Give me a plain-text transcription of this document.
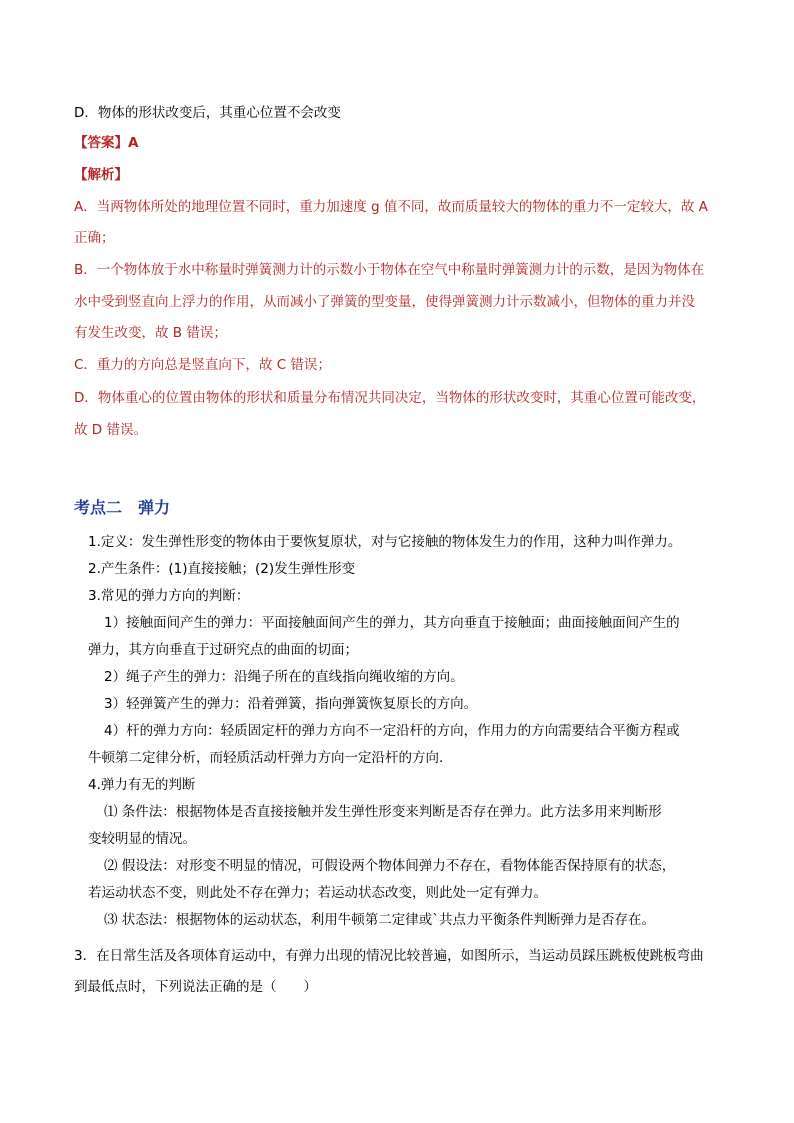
D．物体的形状改变后，其重心位置不会改变
【答案】A
【解析】
A．当两物体所处的地理位置不同时，重力加速度 g 值不同，故而质量较大的物体的重力不一定较大，故 A
正确；
B．一个物体放于水中称量时弹簧测力计的示数小于物体在空气中称量时弹簧测力计的示数，是因为物体在
水中受到竖直向上浮力的作用，从而减小了弹簧的型变量，使得弹簧测力计示数减小，但物体的重力并没
有发生改变，故 B 错误；
C．重力的方向总是竖直向下，故 C 错误；
D．物体重心的位置由物体的形状和质量分布情况共同决定，当物体的形状改变时，其重心位置可能改变，
故 D 错误。
考点二　弹力
1.定义：发生弹性形变的物体由于要恢复原状，对与它接触的物体发生力的作用，这种力叫作弹力。
2.产生条件：(1)直接接触；(2)发生弹性形变
3.常见的弹力方向的判断：
1）接触面间产生的弹力：平面接触面间产生的弹力，其方向垂直于接触面；曲面接触面间产生的
弹力，其方向垂直于过研究点的曲面的切面；
2）绳子产生的弹力：沿绳子所在的直线指向绳收缩的方向。
3）轻弹簧产生的弹力：沿着弹簧，指向弹簧恢复原长的方向。
4）杆的弹力方向：轻质固定杆的弹力方向不一定沿杆的方向，作用力的方向需要结合平衡方程或
牛顿第二定律分析，而轻质活动杆弹力方向一定沿杆的方向.
4.弹力有无的判断
⑴ 条件法：根据物体是否直接接触并发生弹性形变来判断是否存在弹力。此方法多用来判断形
变较明显的情况。
⑵ 假设法：对形变不明显的情况，可假设两个物体间弹力不存在，看物体能否保持原有的状态，
若运动状态不变，则此处不存在弹力；若运动状态改变，则此处一定有弹力。
⑶ 状态法：根据物体的运动状态，利用牛顿第二定律或`共点力平衡条件判断弹力是否存在。
3．在日常生活及各项体育运动中，有弹力出现的情况比较普遍，如图所示，当运动员踩压跳板使跳板弯曲
到最低点时，下列说法正确的是（　　）
